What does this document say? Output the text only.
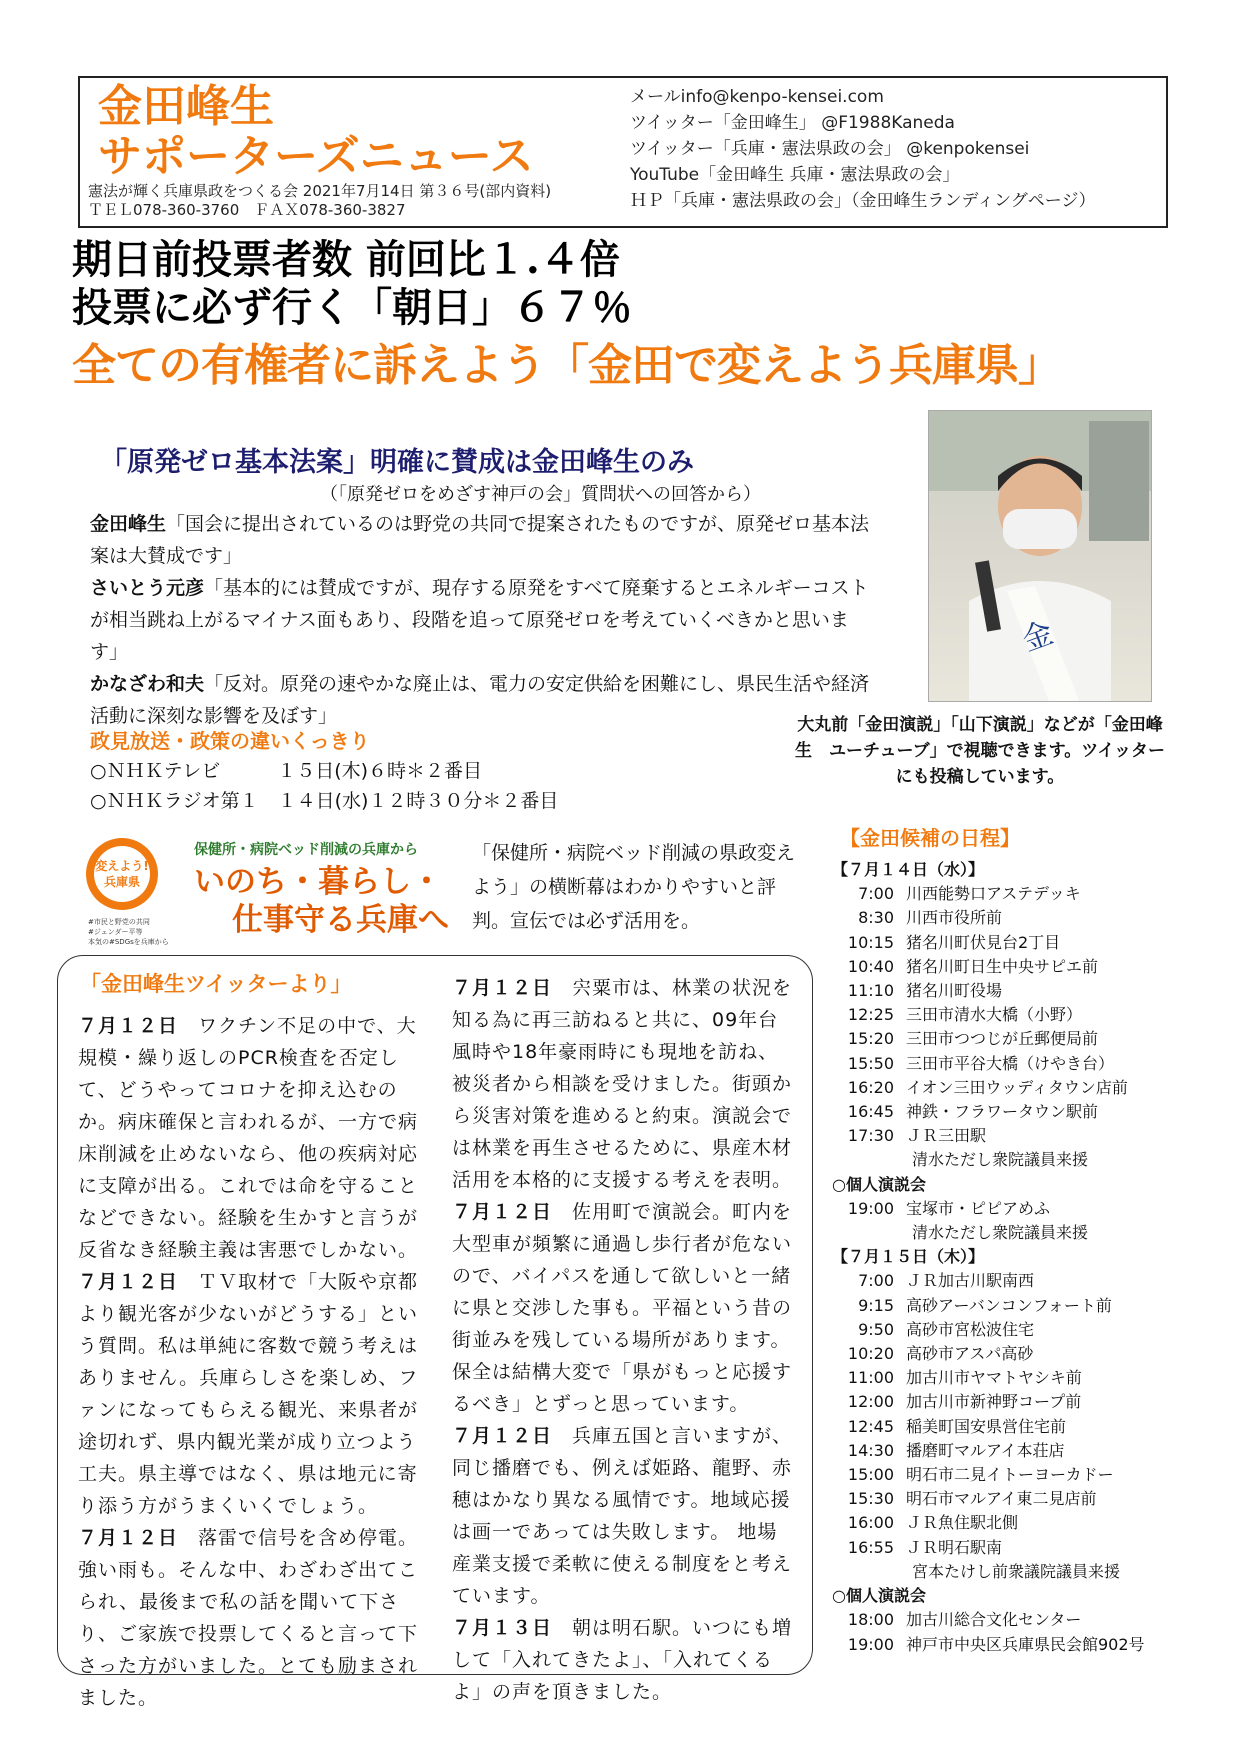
金田峰生
サポーターズニュース
憲法が輝く兵庫県政をつくる会 2021年7月14日 第３６号(部内資料)
ＴＥＬ078-360-3760　ＦＡＸ078-360-3827
メールinfo@kenpo-kensei.com
ツイッター「金田峰生」 @F1988Kaneda
ツイッター「兵庫・憲法県政の会」 @kenpokensei
YouTube「金田峰生 兵庫・憲法県政の会」
ＨＰ「兵庫・憲法県政の会」（金田峰生ランディングページ）
期日前投票者数 前回比１.４倍
投票に必ず行く「朝日」６７％
全ての有権者に訴えよう「金田で変えよう兵庫県」
「原発ゼロ基本法案」明確に賛成は金田峰生のみ
（「原発ゼロをめざす神戸の会」質問状への回答から）
金田峰生「国会に提出されているのは野党の共同で提案されたものですが、原発ゼロ基本法案は大賛成です」
さいとう元彦「基本的には賛成ですが、現存する原発をすべて廃棄するとエネルギーコストが相当跳ね上がるマイナス面もあり、段階を追って原発ゼロを考えていくべきかと思います」
かなざわ和夫「反対。原発の速やかな廃止は、電力の安定供給を困難にし、県民生活や経済活動に深刻な影響を及ぼす」
金
大丸前「金田演説」「山下演説」などが「金田峰生　ユーチューブ」で視聴できます。ツイッターにも投稿しています。
政見放送・政策の違いくっきり
○ＮＨＫテレビ　　　１５日(木)６時＊２番目
○ＮＨＫラジオ第１　１４日(水)１２時３０分＊２番目
変えよう!
兵庫県
保健所・病院ベッド削減の兵庫から
いのち・暮らし・
仕事守る兵庫へ
#市民と野党の共同
#ジェンダー平等
本気の#SDGsを兵庫から
「保健所・病院ベッド削減の県政変えよう」の横断幕はわかりやすいと評判。宣伝では必ず活用を。
「金田峰生ツイッターより」
７月１２日　ワクチン不足の中で、大規模・繰り返しのPCR検査を否定して、どうやってコロナを抑え込むのか。病床確保と言われるが、一方で病床削減を止めないなら、他の疾病対応に支障が出る。これでは命を守ることなどできない。経験を生かすと言うが反省なき経験主義は害悪でしかない。
７月１２日　ＴＶ取材で「大阪や京都より観光客が少ないがどうする」という質問。私は単純に客数で競う考えはありません。兵庫らしさを楽しめ、ファンになってもらえる観光、来県者が途切れず、県内観光業が成り立つよう工夫。県主導ではなく、県は地元に寄り添う方がうまくいくでしょう。
７月１２日　落雷で信号を含め停電。強い雨も。そんな中、わざわざ出てこられ、最後まで私の話を聞いて下さり、ご家族で投票してくると言って下さった方がいました。とても励まされました。
７月１２日　宍粟市は、林業の状況を知る為に再三訪ねると共に、09年台風時や18年豪雨時にも現地を訪ね、被災者から相談を受けました。街頭から災害対策を進めると約束。演説会では林業を再生させるために、県産木材活用を本格的に支援する考えを表明。
７月１２日　佐用町で演説会。町内を大型車が頻繁に通過し歩行者が危ないので、バイパスを通して欲しいと一緒に県と交渉した事も。平福という昔の街並みを残している場所があります。保全は結構大変で「県がもっと応援するべき」とずっと思っています。
７月１２日　兵庫五国と言いますが、同じ播磨でも、例えば姫路、龍野、赤穂はかなり異なる風情です。地域応援は画一であっては失敗します。 地場産業支援で柔軟に使える制度をと考えています。
７月１３日　朝は明石駅。いつにも増して「入れてきたよ」、「入れてくるよ」の声を頂きました。
【金田候補の日程】
【７月１４日（水）】
7:00 川西能勢口アステデッキ
8:30 川西市役所前
10:15 猪名川町伏見台2丁目
10:40 猪名川町日生中央サピエ前
11:10 猪名川町役場
12:25 三田市清水大橋（小野）
15:20 三田市つつじが丘郵便局前
15:50 三田市平谷大橋（けやき台）
16:20 イオン三田ウッディタウン店前
16:45 神鉄・フラワータウン駅前
17:30 ＪＲ三田駅
清水ただし衆院議員来援
○個人演説会
19:00 宝塚市・ピピアめふ
清水ただし衆院議員来援
【７月１５日（木）】
7:00 ＪＲ加古川駅南西
9:15 高砂アーバンコンフォート前
9:50 高砂市宮松波住宅
10:20 高砂市アスパ高砂
11:00 加古川市ヤマトヤシキ前
12:00 加古川市新神野コープ前
12:45 稲美町国安県営住宅前
14:30 播磨町マルアイ本荘店
15:00 明石市二見イトーヨーカドー
15:30 明石市マルアイ東二見店前
16:00 ＪＲ魚住駅北側
16:55 ＪＲ明石駅南
宮本たけし前衆議院議員来援
○個人演説会
18:00 加古川総合文化センター
19:00 神戸市中央区兵庫県民会館902号
